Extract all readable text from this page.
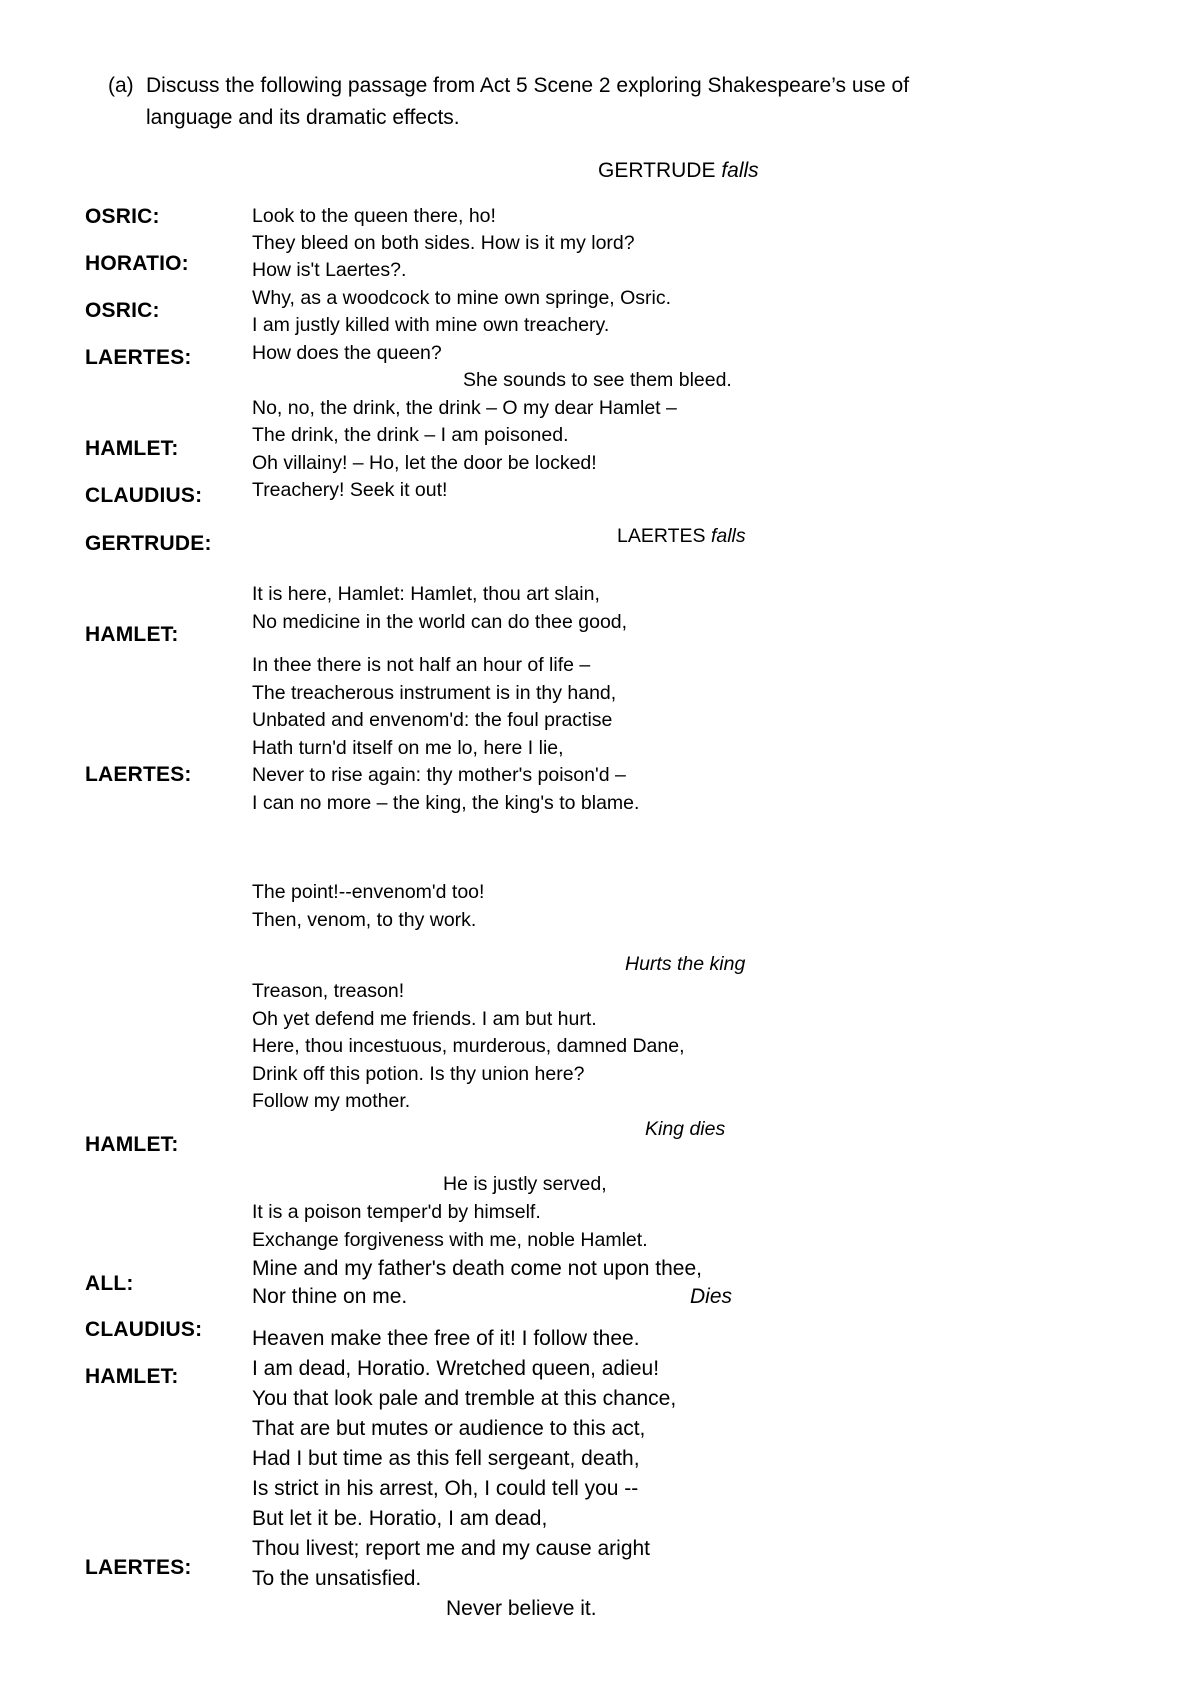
(a) Discuss the following passage from Act 5 Scene 2 exploring Shakespeare’s use of
language and its dramatic effects.
GERTRUDE falls
OSRIC:
HORATIO:
OSRIC:
LAERTES:
HAMLET:
CLAUDIUS:
GERTRUDE:
HAMLET:
LAERTES:
HAMLET:
ALL:
CLAUDIUS:
HAMLET:
LAERTES:
Look to the queen there, ho!
They bleed on both sides. How is it my lord?
How is't Laertes?.
Why, as a woodcock to mine own springe, Osric.
I am justly killed with mine own treachery.
How does the queen?
She sounds to see them bleed.
No, no, the drink, the drink – O my dear Hamlet –
The drink, the drink – I am poisoned.
Oh villainy! – Ho, let the door be locked!
Treachery! Seek it out!
LAERTES falls
It is here, Hamlet: Hamlet, thou art slain,
No medicine in the world can do thee good,
In thee there is not half an hour of life –
The treacherous instrument is in thy hand,
Unbated and envenom'd: the foul practise
Hath turn'd itself on me lo, here I lie,
Never to rise again: thy mother's poison'd –
I can no more – the king, the king's to blame.
The point!--envenom'd too!
Then, venom, to thy work.
Hurts the king
Treason, treason!
Oh yet defend me friends. I am but hurt.
Here, thou incestuous, murderous, damned Dane,
Drink off this potion. Is thy union here?
Follow my mother.
King dies
He is justly served,
It is a poison temper'd by himself.
Exchange forgiveness with me, noble Hamlet.
Mine and my father's death come not upon thee,
Nor thine on me.	Dies
Heaven make thee free of it! I follow thee.
I am dead, Horatio. Wretched queen, adieu!
You that look pale and tremble at this chance,
That are but mutes or audience to this act,
Had I but time as this fell sergeant, death,
Is strict in his arrest, Oh, I could tell you --
But let it be. Horatio, I am dead,
Thou livest; report me and my cause aright
To the unsatisfied.
Never believe it.
